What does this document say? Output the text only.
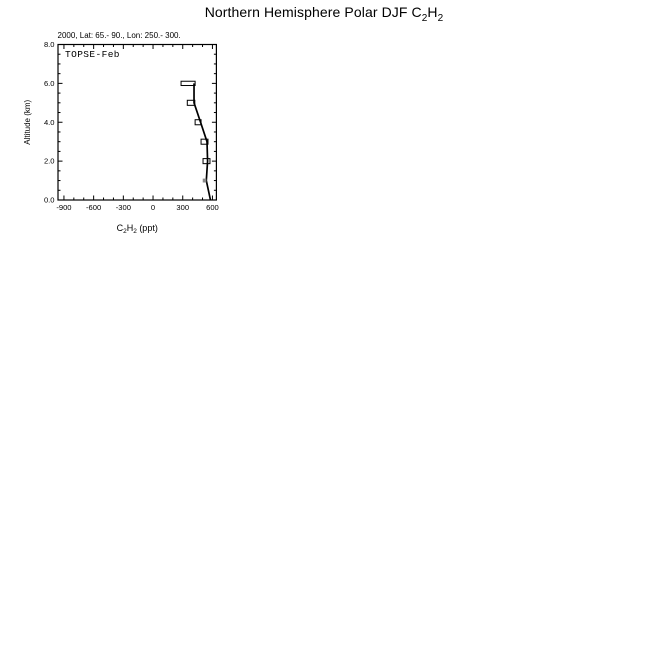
Northern Hemisphere Polar DJF $C_2H_2$
-900 -600 -300	0	300 600
0.0
2.0
4.0
6.0
8.0
2000, Lat: 65.- 90., Lon: 250.- 300.
TOPSE-Feb
Altitude (km)
$C_2H_2$ (ppt)
